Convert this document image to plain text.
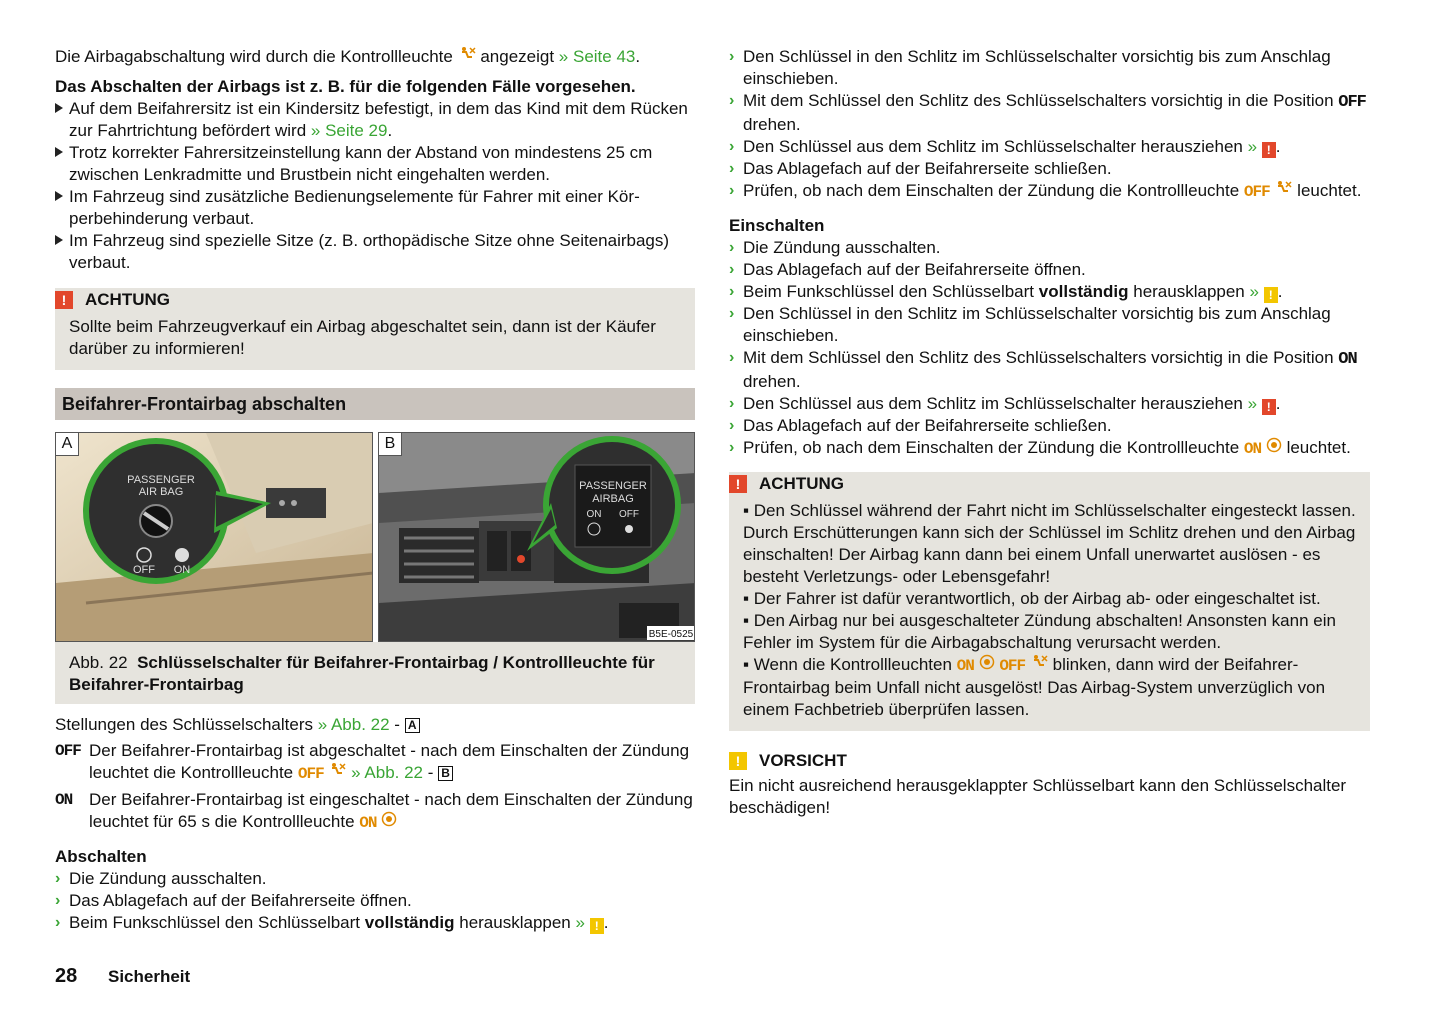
Die Airbagabschaltung wird durch die Kontrollleuchte angezeigt » Seite 43.

Das Abschalten der Airbags ist z. B. für die folgenden Fälle vorgesehen.

Auf dem Beifahrersitz ist ein Kindersitz befestigt, in dem das Kind mit dem Rücken zur Fahrtrichtung befördert wird » Seite 29.
Trotz korrekter Fahrersitzeinstellung kann der Abstand von mindestens 25 cm zwischen Lenkradmitte und Brustbein nicht eingehalten werden.
Im Fahrzeug sind zusätzliche Bedienungselemente für Fahrer mit einer Körperbehinderung verbaut.
Im Fahrzeug sind spezielle Sitze (z. B. orthopädische Sitze ohne Seitenairbags) verbaut.
!	ACHTUNG
Sollte beim Fahrzeugverkauf ein Airbag abgeschaltet sein, dann ist der Käufer darüber zu informieren!
Beifahrer-Frontairbag abschalten
A
PASSENGER
AIR BAG
OFF ON
B
PASSENGER
AIRBAG
ON OFF
B5E-0525
Abb. 22 Schlüsselschalter für Beifahrer-Frontairbag / Kontrollleuchte für Beifahrer-Frontairbag

Stellungen des Schlüsselschalters » Abb. 22 - A

OFF Der Beifahrer-Frontairbag ist abgeschaltet - nach dem Einschalten der Zündung leuchtet die Kontrollleuchte OFF » Abb. 22 - B
ON Der Beifahrer-Frontairbag ist eingeschaltet - nach dem Einschalten der Zündung leuchtet für 65 s die Kontrollleuchte ON

Abschalten

› Die Zündung ausschalten.
› Das Ablagefach auf der Beifahrerseite öffnen.
› Beim Funkschlüssel den Schlüsselbart vollständig herausklappen » ! .
› Den Schlüssel in den Schlitz im Schlüsselschalter vorsichtig bis zum Anschlag einschieben.
› Mit dem Schlüssel den Schlitz des Schlüsselschalters vorsichtig in die Position OFF drehen.
› Den Schlüssel aus dem Schlitz im Schlüsselschalter herausziehen » ! .
› Das Ablagefach auf der Beifahrerseite schließen.
› Prüfen, ob nach dem Einschalten der Zündung die Kontrollleuchte OFF leuchtet.

Einschalten

› Die Zündung ausschalten.
› Das Ablagefach auf der Beifahrerseite öffnen.
› Beim Funkschlüssel den Schlüsselbart vollständig herausklappen » ! .
› Den Schlüssel in den Schlitz im Schlüsselschalter vorsichtig bis zum Anschlag einschieben.
› Mit dem Schlüssel den Schlitz des Schlüsselschalters vorsichtig in die Position ON drehen.
› Den Schlüssel aus dem Schlitz im Schlüsselschalter herausziehen » ! .
› Das Ablagefach auf der Beifahrerseite schließen.
› Prüfen, ob nach dem Einschalten der Zündung die Kontrollleuchte ON leuchtet.
!	ACHTUNG
▪ Den Schlüssel während der Fahrt nicht im Schlüsselschalter eingesteckt lassen. Durch Erschütterungen kann sich der Schlüssel im Schlitz drehen und den Airbag einschalten! Der Airbag kann dann bei einem Unfall unerwartet auslösen - es besteht Verletzungs- oder Lebensgefahr!
▪ Der Fahrer ist dafür verantwortlich, ob der Airbag ab- oder eingeschaltet ist.
▪ Den Airbag nur bei ausgeschalteter Zündung abschalten! Ansonsten kann ein Fehler im System für die Airbagabschaltung verursacht werden.
▪ Wenn die Kontrollleuchten ON OFF blinken, dann wird der Beifahrer-Frontairbag beim Unfall nicht ausgelöst! Das Airbag-System unverzüglich von einem Fachbetrieb überprüfen lassen.
!	VORSICHT

Ein nicht ausreichend herausgeklappter Schlüsselbart kann den Schlüsselschalter beschädigen!

28 Sicherheit
